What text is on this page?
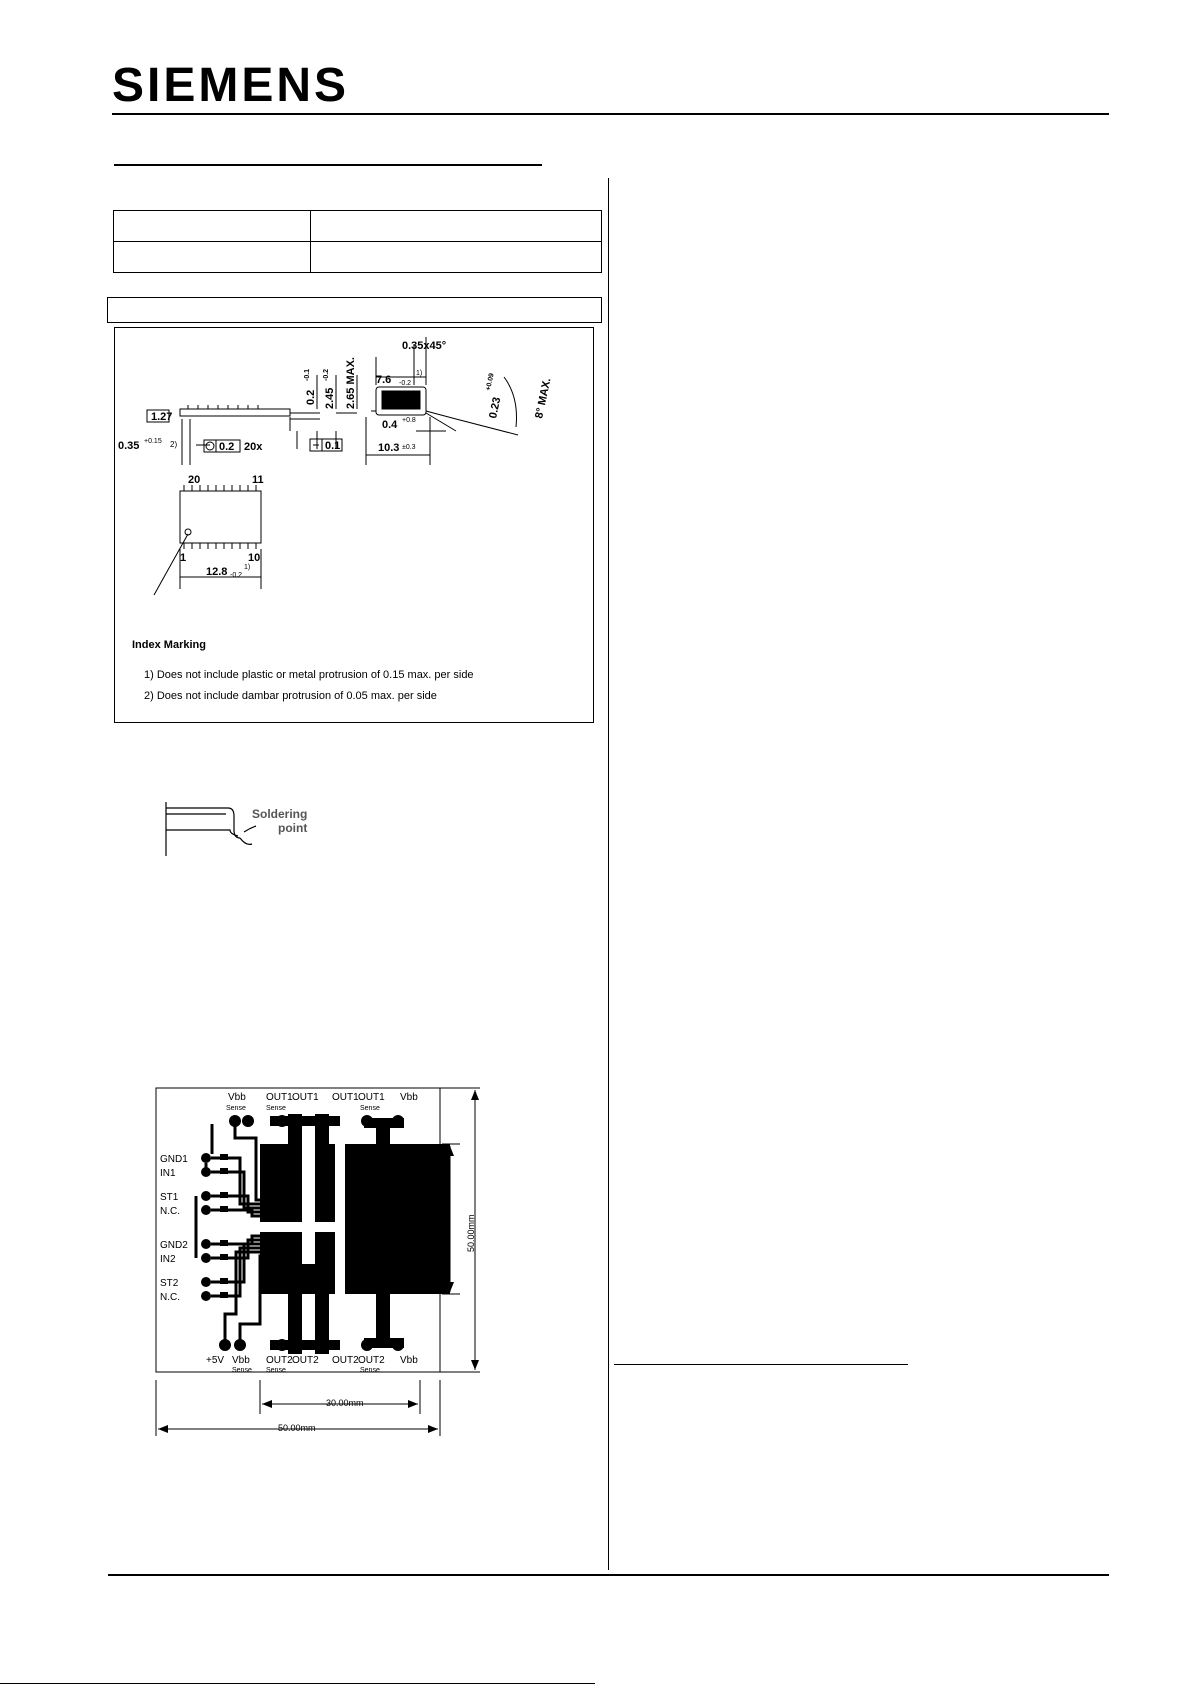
SIEMENS
0.35x45°
7.6 -0.2
1)
1.27
0.35 +0.15 2)	0.2 20x	0.1
0.4 +0.8
10.3 ±0.3
20	11
1	10
12.8 -0.2
1)
Index Marking
1) Does not include plastic or metal protrusion of 0.15 max. per side
2) Does not include dambar protrusion of 0.05 max. per side
0.2
-0.1
2.45
-0.2 2.65 MAX.	0.23
+0.09	8° MAX.
Soldering
point
Vbb OUT1 OUT1 OUT1 OUT1 Vbb
Sense	Sense	Sense
GND1
IN1
ST1
N.C.
GND2
IN2
ST2
N.C.
+5V Vbb OUT2 OUT2 OUT2 OUT2 Vbb
Sense Sense	Sense
30.00mm
50.00mm
50.00mm
30.00mm
